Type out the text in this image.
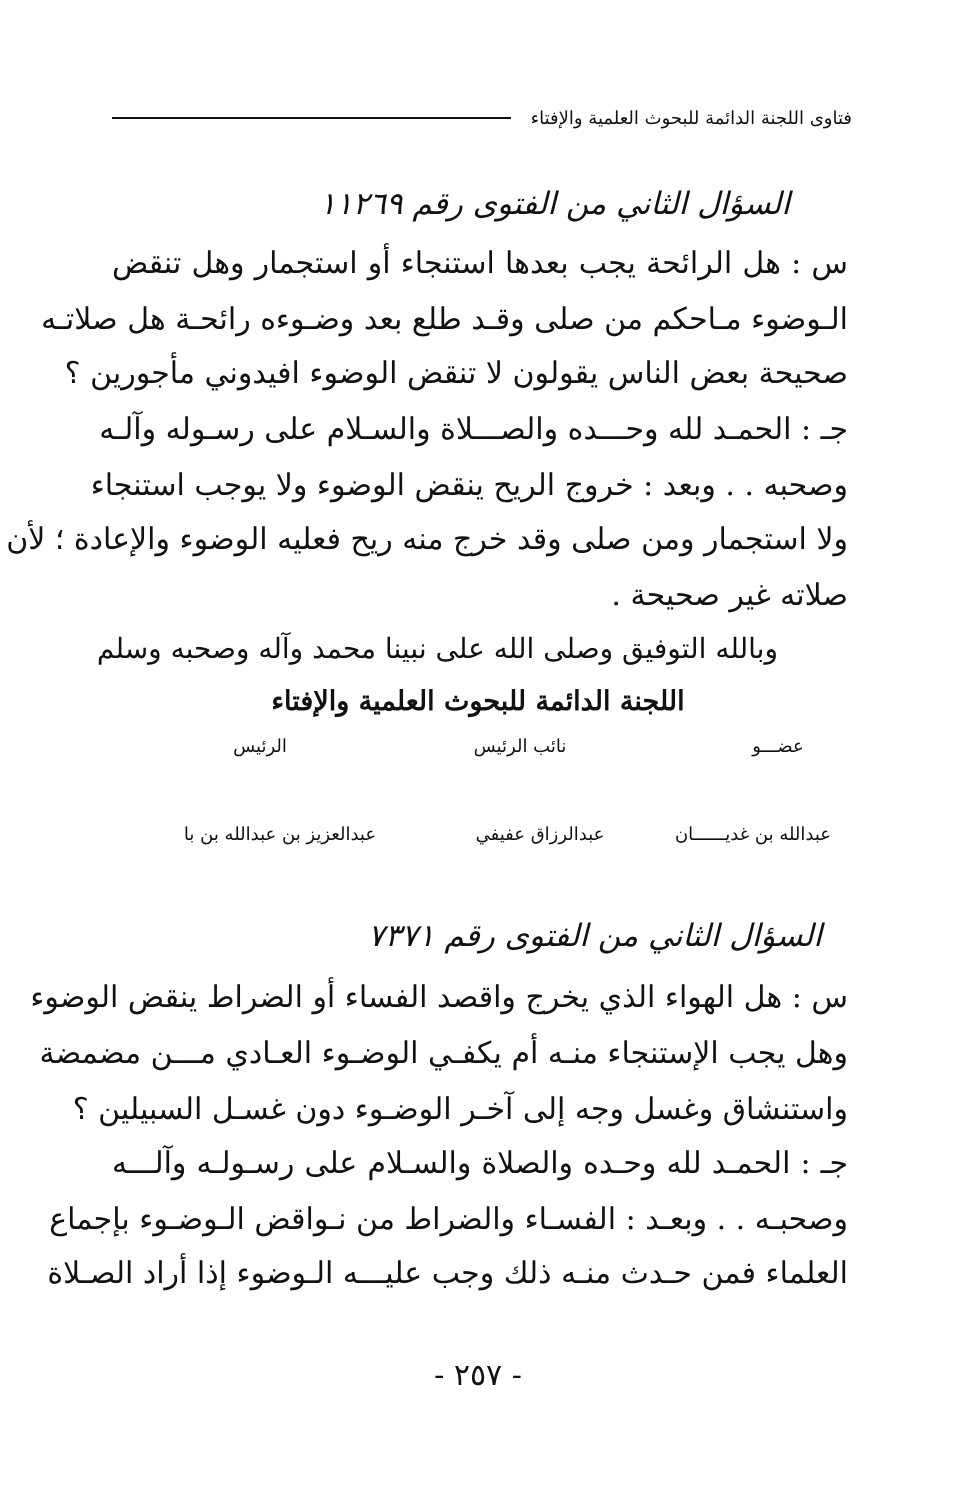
فتاوى اللجنة الدائمة للبحوث العلمية والإفتاء
السؤال الثاني من الفتوى رقم ١١٢٦٩
س : هل الرائحة يجب بعدها استنجاء أو استجمار وهل تنقض
الـوضوء مـاحكم من صلى وقـد طلع بعد وضـوءه رائحـة هل صلاتـه
صحيحة بعض الناس يقولون لا تنقض الوضوء افيدوني مأجورين ؟
جـ : الحمـد لله وحـــده والصـــلاة والسـلام على رسـوله وآلـه
وصحبه . . وبعد : خروج الريح ينقض الوضوء ولا يوجب استنجاء
ولا استجمار ومن صلى وقد خرج منه ريح فعليه الوضوء والإعادة ؛ لأن
صلاته غير صحيحة .
وبالله التوفيق وصلى الله على نبينا محمد وآله وصحبه وسلم
اللجنة الدائمة للبحوث العلمية والإفتاء
عضـــو
نائب الرئيس
الرئيس
عبدالله بن غديــــــان
عبدالرزاق عفيفي
عبدالعزيز بن عبدالله بن با
السؤال الثاني من الفتوى رقم ٧٣٧١
س : هل الهواء الذي يخرج واقصد الفساء أو الضراط ينقض الوضوء
وهل يجب الإستنجاء منـه أم يكفـي الوضـوء العـادي مـــن مضمضة
واستنشاق وغسل وجه إلى آخـر الوضـوء دون غسـل السبيلين ؟
جـ : الحمـد لله وحـده والصلاة والسـلام على رسـولـه وآلـــه
وصحبـه . . وبعـد : الفسـاء والضراط من نـواقض الـوضـوء بإجماع
العلماء فمن حـدث منـه ذلك وجب عليـــه الـوضوء إذا أراد الصـلاة
- ٢٥٧ -
